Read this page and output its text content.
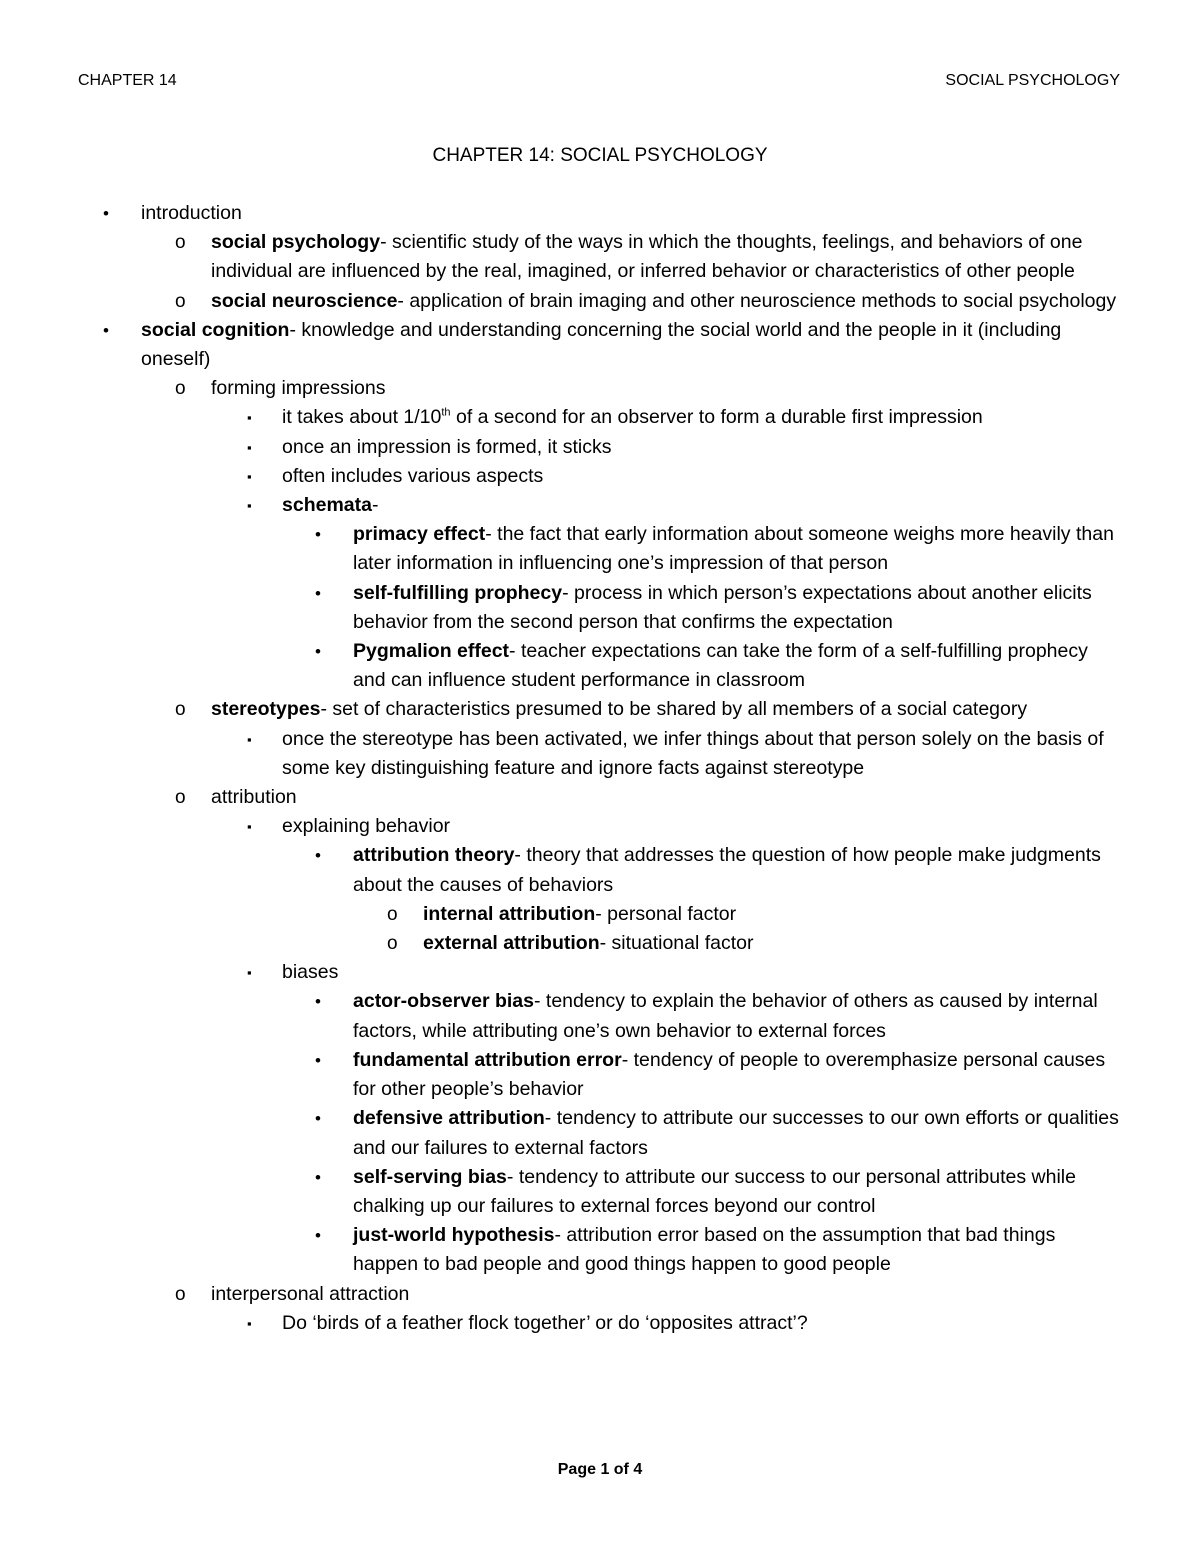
CHAPTER 14	SOCIAL PSYCHOLOGY
CHAPTER 14: SOCIAL PSYCHOLOGY
• introduction
o social psychology- scientific study of the ways in which the thoughts, feelings, and behaviors of one individual are influenced by the real, imagined, or inferred behavior or characteristics of other people
o social neuroscience- application of brain imaging and other neuroscience methods to social psychology
• social cognition- knowledge and understanding concerning the social world and the people in it (including oneself)
o forming impressions
▪ it takes about 1/10th of a second for an observer to form a durable first impression
▪ once an impression is formed, it sticks
▪ often includes various aspects
▪ schemata-
• primacy effect- the fact that early information about someone weighs more heavily than later information in influencing one’s impression of that person
• self-fulfilling prophecy- process in which person’s expectations about another elicits behavior from the second person that confirms the expectation
• Pygmalion effect- teacher expectations can take the form of a self-fulfilling prophecy and can influence student performance in classroom
o stereotypes- set of characteristics presumed to be shared by all members of a social category
▪ once the stereotype has been activated, we infer things about that person solely on the basis of some key distinguishing feature and ignore facts against stereotype
o attribution
▪ explaining behavior
• attribution theory- theory that addresses the question of how people make judgments about the causes of behaviors
o internal attribution- personal factor
o external attribution- situational factor
▪ biases
• actor-observer bias- tendency to explain the behavior of others as caused by internal factors, while attributing one’s own behavior to external forces
• fundamental attribution error- tendency of people to overemphasize personal causes for other people’s behavior
• defensive attribution- tendency to attribute our successes to our own efforts or qualities and our failures to external factors
• self-serving bias- tendency to attribute our success to our personal attributes while chalking up our failures to external forces beyond our control
• just-world hypothesis- attribution error based on the assumption that bad things happen to bad people and good things happen to good people
o interpersonal attraction
▪ Do ‘birds of a feather flock together’ or do ‘opposites attract’?
Page 1 of 4
